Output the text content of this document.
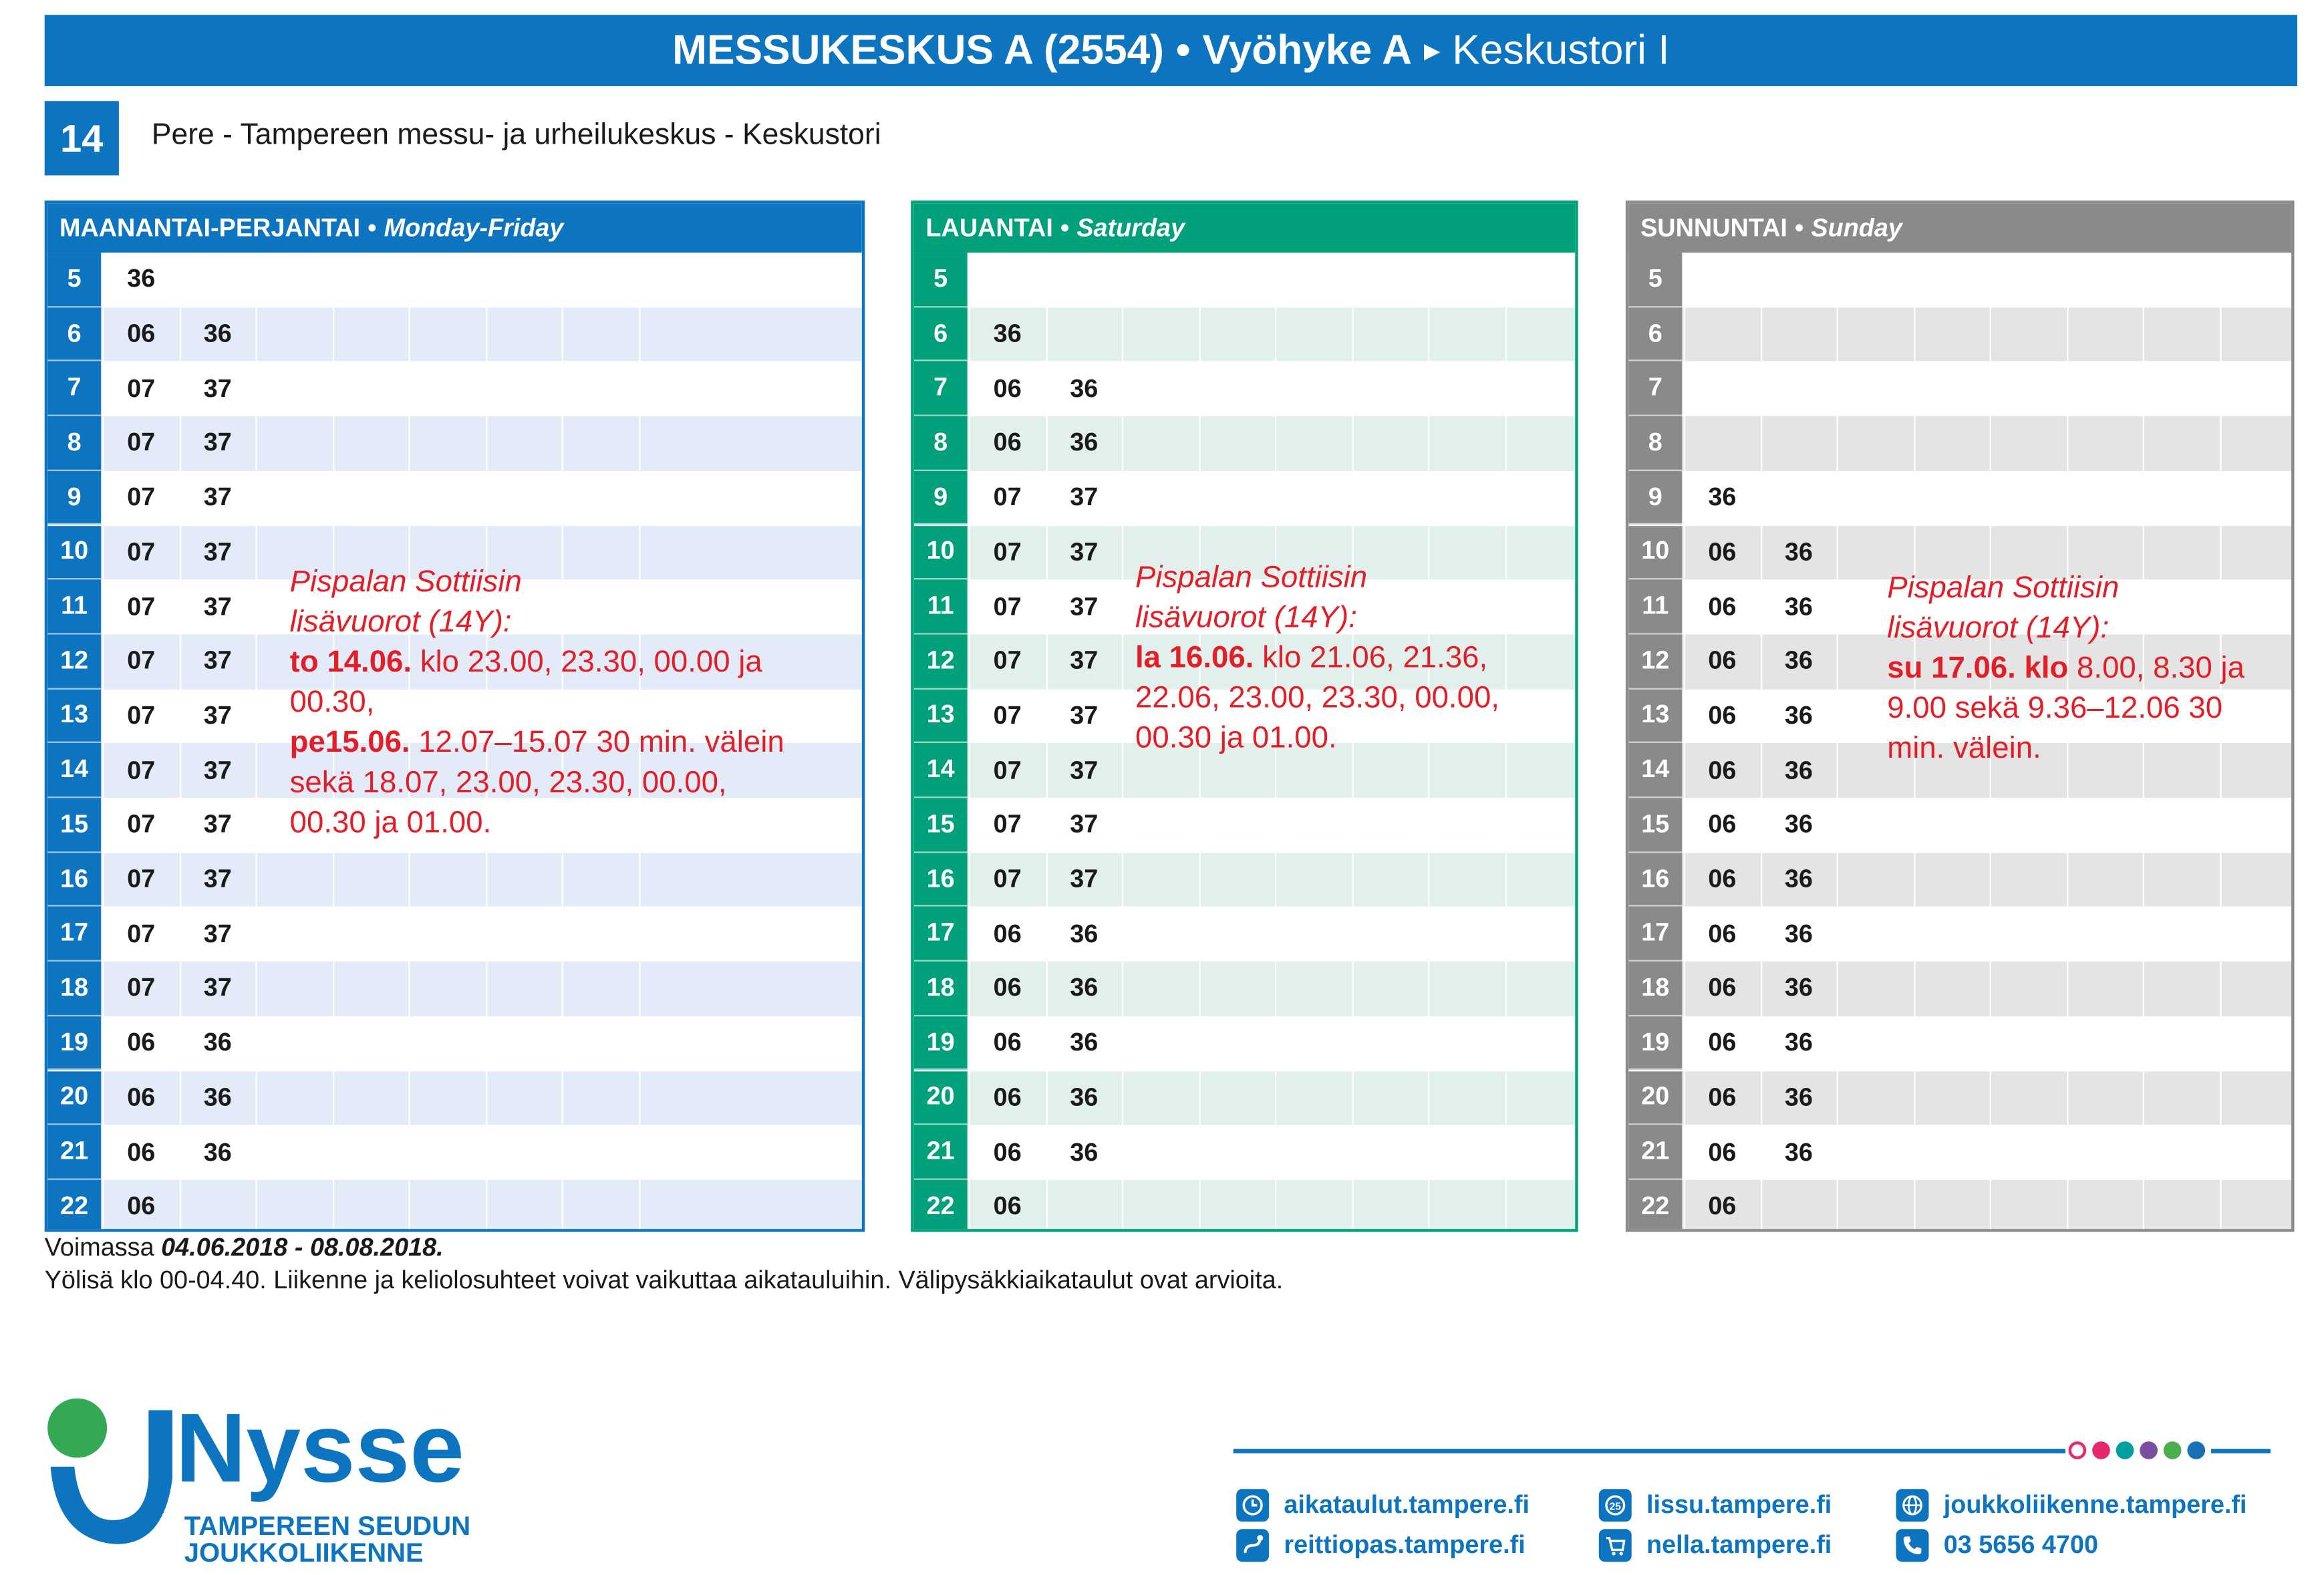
MESSUKESKUS A (2554) • Vyöhyke A ▸ Keskustori I
14	Pere - Tampereen messu- ja urheilukeskus - Keskustori
MAANANTAI-PERJANTAI • Monday-Friday
5	36
6	06	36
7	07	37
8	07	37
9	07	37
10	07	37
11	07	37
12	07	37
13	07	37
14	07	37
15	07	37
16	07	37
17	07	37
18	07	37
19	06	36
20	06	36
21	06	36
22	06
LAUANTAI • Saturday
5
6	36
7	06	36
8	06	36
9	07	37
10	07	37
11	07	37
12	07	37
13	07	37
14	07	37
15	07	37
16	07	37
17	06	36
18	06	36
19	06	36
20	06	36
21	06	36
22	06
SUNNUNTAI • Sunday
5
6
7
8
9	36
10	06	36
11	06	36
12	06	36
13	06	36
14	06	36
15	06	36
16	06	36
17	06	36
18	06	36
19	06	36
20	06	36
21	06	36
22	06
Pispalan Sottiisin
lisävuorot (14Y):
to 14.06. klo 23.00, 23.30, 00.00 ja
00.30,
pe15.06. 12.07–15.07 30 min. välein
sekä 18.07, 23.00, 23.30, 00.00,
00.30 ja 01.00.
Pispalan Sottiisin
lisävuorot (14Y):
la 16.06. klo 21.06, 21.36,
22.06, 23.00, 23.30, 00.00,
00.30 ja 01.00.
Pispalan Sottiisin
lisävuorot (14Y):
su 17.06. klo 8.00, 8.30 ja
9.00 sekä 9.36–12.06 30
min. välein.
Voimassa 04.06.2018 - 08.08.2018.
Yölisä klo 00-04.40. Liikenne ja keliolosuhteet voivat vaikuttaa aikatauluihin. Välipysäkkiaikataulut ovat arvioita.
Nysse
TAMPEREEN SEUDUN
JOUKKOLIIKENNE
aikataulut.tampere.fi
reittiopas.tampere.fi
25 lissu.tampere.fi
nella.tampere.fi
joukkoliikenne.tampere.fi
03 5656 4700
